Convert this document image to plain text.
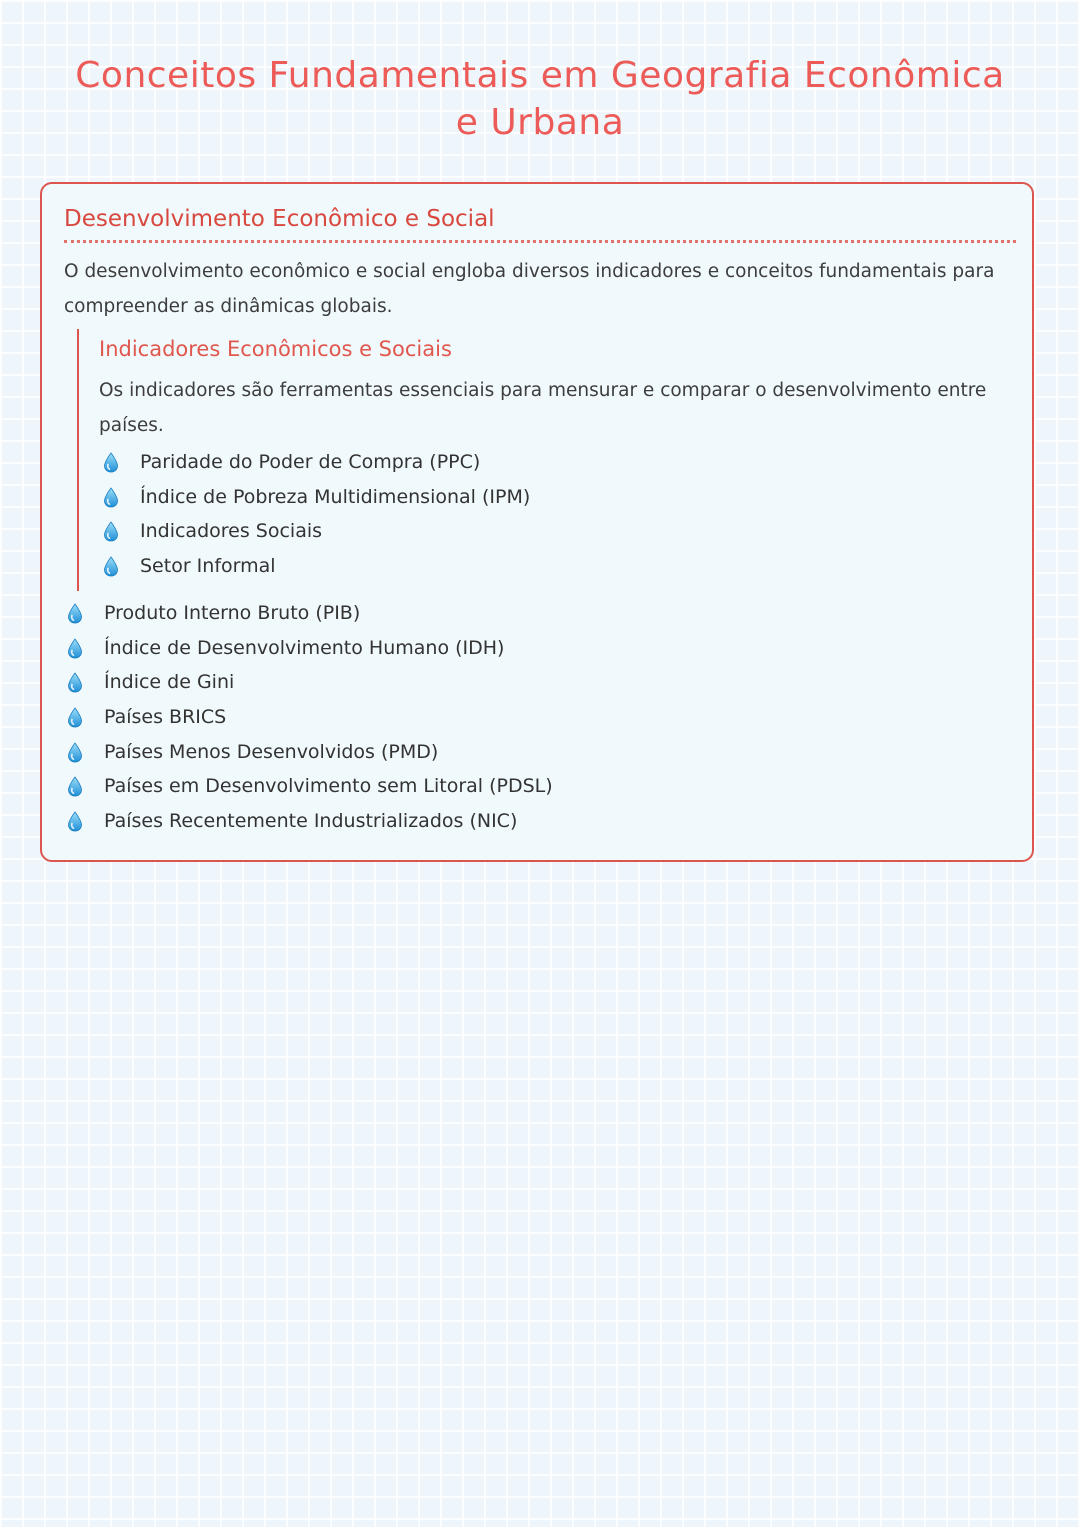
Conceitos Fundamentais em Geografia Econômica e Urbana
Desenvolvimento Econômico e Social

O desenvolvimento econômico e social engloba diversos indicadores e conceitos fundamentais para compreender as dinâmicas globais.

Indicadores Econômicos e Sociais

Os indicadores são ferramentas essenciais para mensurar e comparar o desenvolvimento entre países.

Paridade do Poder de Compra (PPC)
Índice de Pobreza Multidimensional (IPM)
Indicadores Sociais
Setor Informal
Produto Interno Bruto (PIB)
Índice de Desenvolvimento Humano (IDH)
Índice de Gini
Países BRICS
Países Menos Desenvolvidos (PMD)
Países em Desenvolvimento sem Litoral (PDSL)
Países Recentemente Industrializados (NIC)
